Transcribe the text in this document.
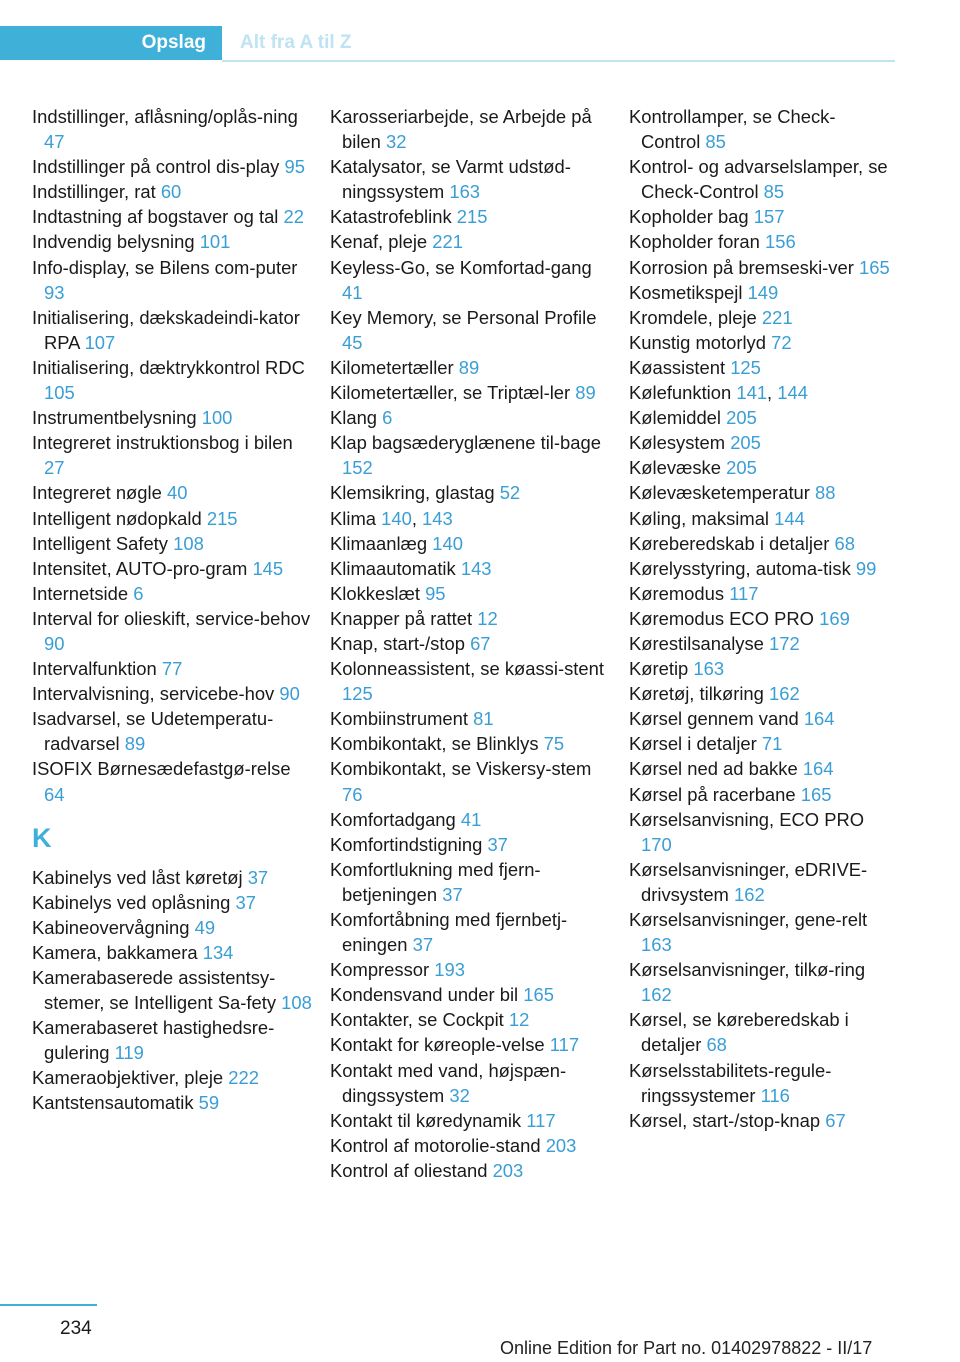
Opslag Alt fra A til Z
Indstillinger, aflåsning/oplås-ning 47
Indstillinger på control dis-play 95
Indstillinger, rat 60
Indtastning af bogstaver og tal 22
Indvendig belysning 101
Info-display, se Bilens com-puter 93
Initialisering, dækskadeindi-kator RPA 107
Initialisering, dæktrykkontrol RDC 105
Instrumentbelysning 100
Integreret instruktionsbog i bilen 27
Integreret nøgle 40
Intelligent nødopkald 215
Intelligent Safety 108
Intensitet, AUTO-pro-gram 145
Internetside 6
Interval for olieskift, service-behov 90
Intervalfunktion 77
Intervalvisning, servicebe-hov 90
Isadvarsel, se Udetemperatu-radvarsel 89
ISOFIX Børnesædefastgø-relse 64
K
Kabinelys ved låst køretøj 37
Kabinelys ved oplåsning 37
Kabineovervågning 49
Kamera, bakkamera 134
Kamerabaserede assistentsy-stemer, se Intelligent Sa-fety 108
Kamerabaseret hastighedsre-gulering 119
Kameraobjektiver, pleje 222
Kantstensautomatik 59
Karosseriarbejde, se Arbejde på bilen 32
Katalysator, se Varmt udstød-ningssystem 163
Katastrofeblink 215
Kenaf, pleje 221
Keyless-Go, se Komfortad-gang 41
Key Memory, se Personal Profile 45
Kilometertæller 89
Kilometertæller, se Triptæl-ler 89
Klang 6
Klap bagsæderyglænene til-bage 152
Klemsikring, glastag 52
Klima 140, 143
Klimaanlæg 140
Klimaautomatik 143
Klokkeslæt 95
Knapper på rattet 12
Knap, start-/stop 67
Kolonneassistent, se køassi-stent 125
Kombiinstrument 81
Kombikontakt, se Blinklys 75
Kombikontakt, se Viskersy-stem 76
Komfortadgang 41
Komfortindstigning 37
Komfortlukning med fjern-betjeningen 37
Komfortåbning med fjernbetj-eningen 37
Kompressor 193
Kondensvand under bil 165
Kontakter, se Cockpit 12
Kontakt for køreople-velse 117
Kontakt med vand, højspæn-dingssystem 32
Kontakt til køredynamik 117
Kontrol af motorolie-stand 203
Kontrol af oliestand 203
Kontrollamper, se Check-Control 85
Kontrol- og advarselslamper, se Check-Control 85
Kopholder bag 157
Kopholder foran 156
Korrosion på bremseski-ver 165
Kosmetikspejl 149
Kromdele, pleje 221
Kunstig motorlyd 72
Køassistent 125
Kølefunktion 141, 144
Kølemiddel 205
Kølesystem 205
Kølevæske 205
Kølevæsketemperatur 88
Køling, maksimal 144
Køreberedskab i detaljer 68
Kørelysstyring, automa-tisk 99
Køremodus 117
Køremodus ECO PRO 169
Kørestilsanalyse 172
Køretip 163
Køretøj, tilkøring 162
Kørsel gennem vand 164
Kørsel i detaljer 71
Kørsel ned ad bakke 164
Kørsel på racerbane 165
Kørselsanvisning, ECO PRO 170
Kørselsanvisninger, eDRIVE-drivsystem 162
Kørselsanvisninger, gene-relt 163
Kørselsanvisninger, tilkø-ring 162
Kørsel, se køreberedskab i detaljer 68
Kørselsstabilitets-regule-ringssystemer 116
Kørsel, start-/stop-knap 67
234
Online Edition for Part no. 01402978822 - II/17
